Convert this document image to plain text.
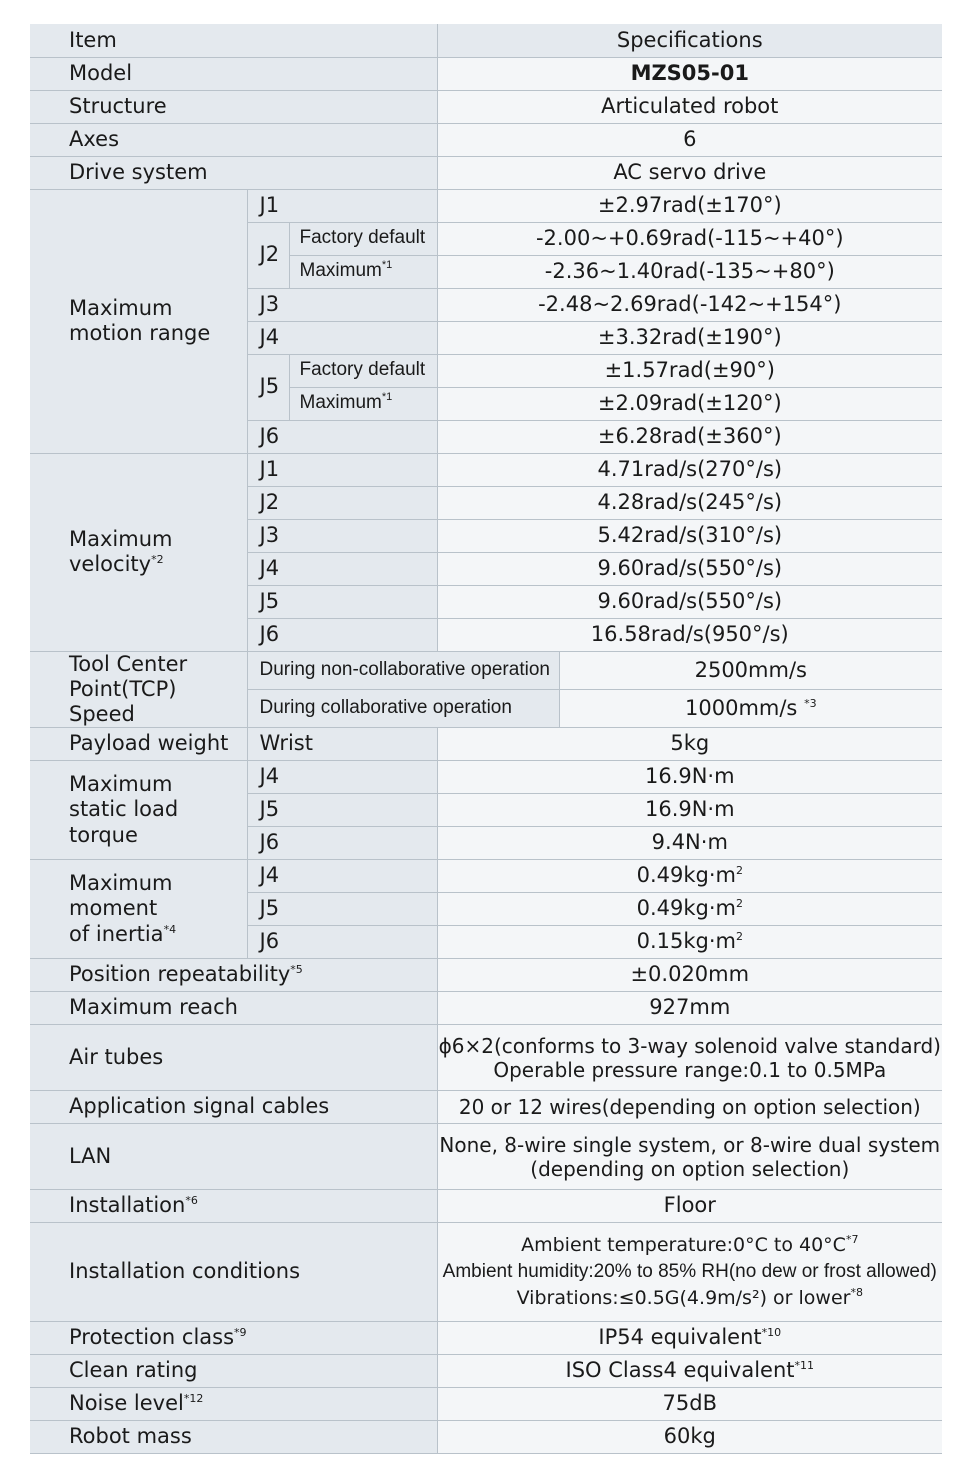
Item			Specifications	
Model			MZS05-01	
Structure			Articulated robot	
Axes			6	
Drive system			AC servo drive	

Maximum
motion range	J1		±2.97rad(±170°)	
	J2	Factory default	-2.00~+0.69rad(-115~+40°)	
		Maximum$^{*1}$	-2.36~1.40rad(-135~+80°)	
	J3		-2.48~2.69rad(-142~+154°)	
	J4		±3.32rad(±190°)	
	J5	Factory default	±1.57rad(±90°)	
		Maximum$^{*1}$	±2.09rad(±120°)	
	J6		±6.28rad(±360°)	

Maximum
velocity$^{*2}$	J1		4.71rad/s(270°/s)	
	J2		4.28rad/s(245°/s)	
	J3		5.42rad/s(310°/s)	
	J4		9.60rad/s(550°/s)	
	J5		9.60rad/s(550°/s)	
	J6		16.58rad/s(950°/s)	

Tool Center
Point(TCP) Speed	During non-collaborative operation			2500mm/s
	During collaborative operation			1000mm/s $^{*3}$
Payload weight	Wrist		5kg	

Maximum
static load
torque	J4		16.9N·m	
	J5		16.9N·m	
	J6		9.4N·m	

Maximum
moment
of inertia$^{*4}$	J4		$0.49kg\cdot m^2$
	J5		$0.49kg\cdot m^2$
	J6		$0.15kg\cdot m^2$
Position repeatability$^{*5}$			±0.020mm	
Maximum reach			927mm	
Air tubes			ϕ6×2(conforms to 3-way solenoid valve standard)
Operable pressure range:0.1 to 0.5MPa	

Application signal cables			20 or 12 wires(depending on option selection)	
LAN			None, 8-wire single system, or 8-wire dual system
(depending on option selection)	

Installation$^{*6}$			Floor	
Installation conditions			Ambient temperature:0°C to $40^\circ C^{*7}$
Ambient humidity:20% to 85% RH(no dew or frost allowed)
Vibrations:≤0.5G(4.9m/s²) or lower$^{*8}$

Protection class$^{*9}$			IP54 equivalent$^{*10}$
Clean rating			ISO Class4 equivalent$^{*11}$
Noise level$^{*12}$			75dB	
Robot mass			60kg	
